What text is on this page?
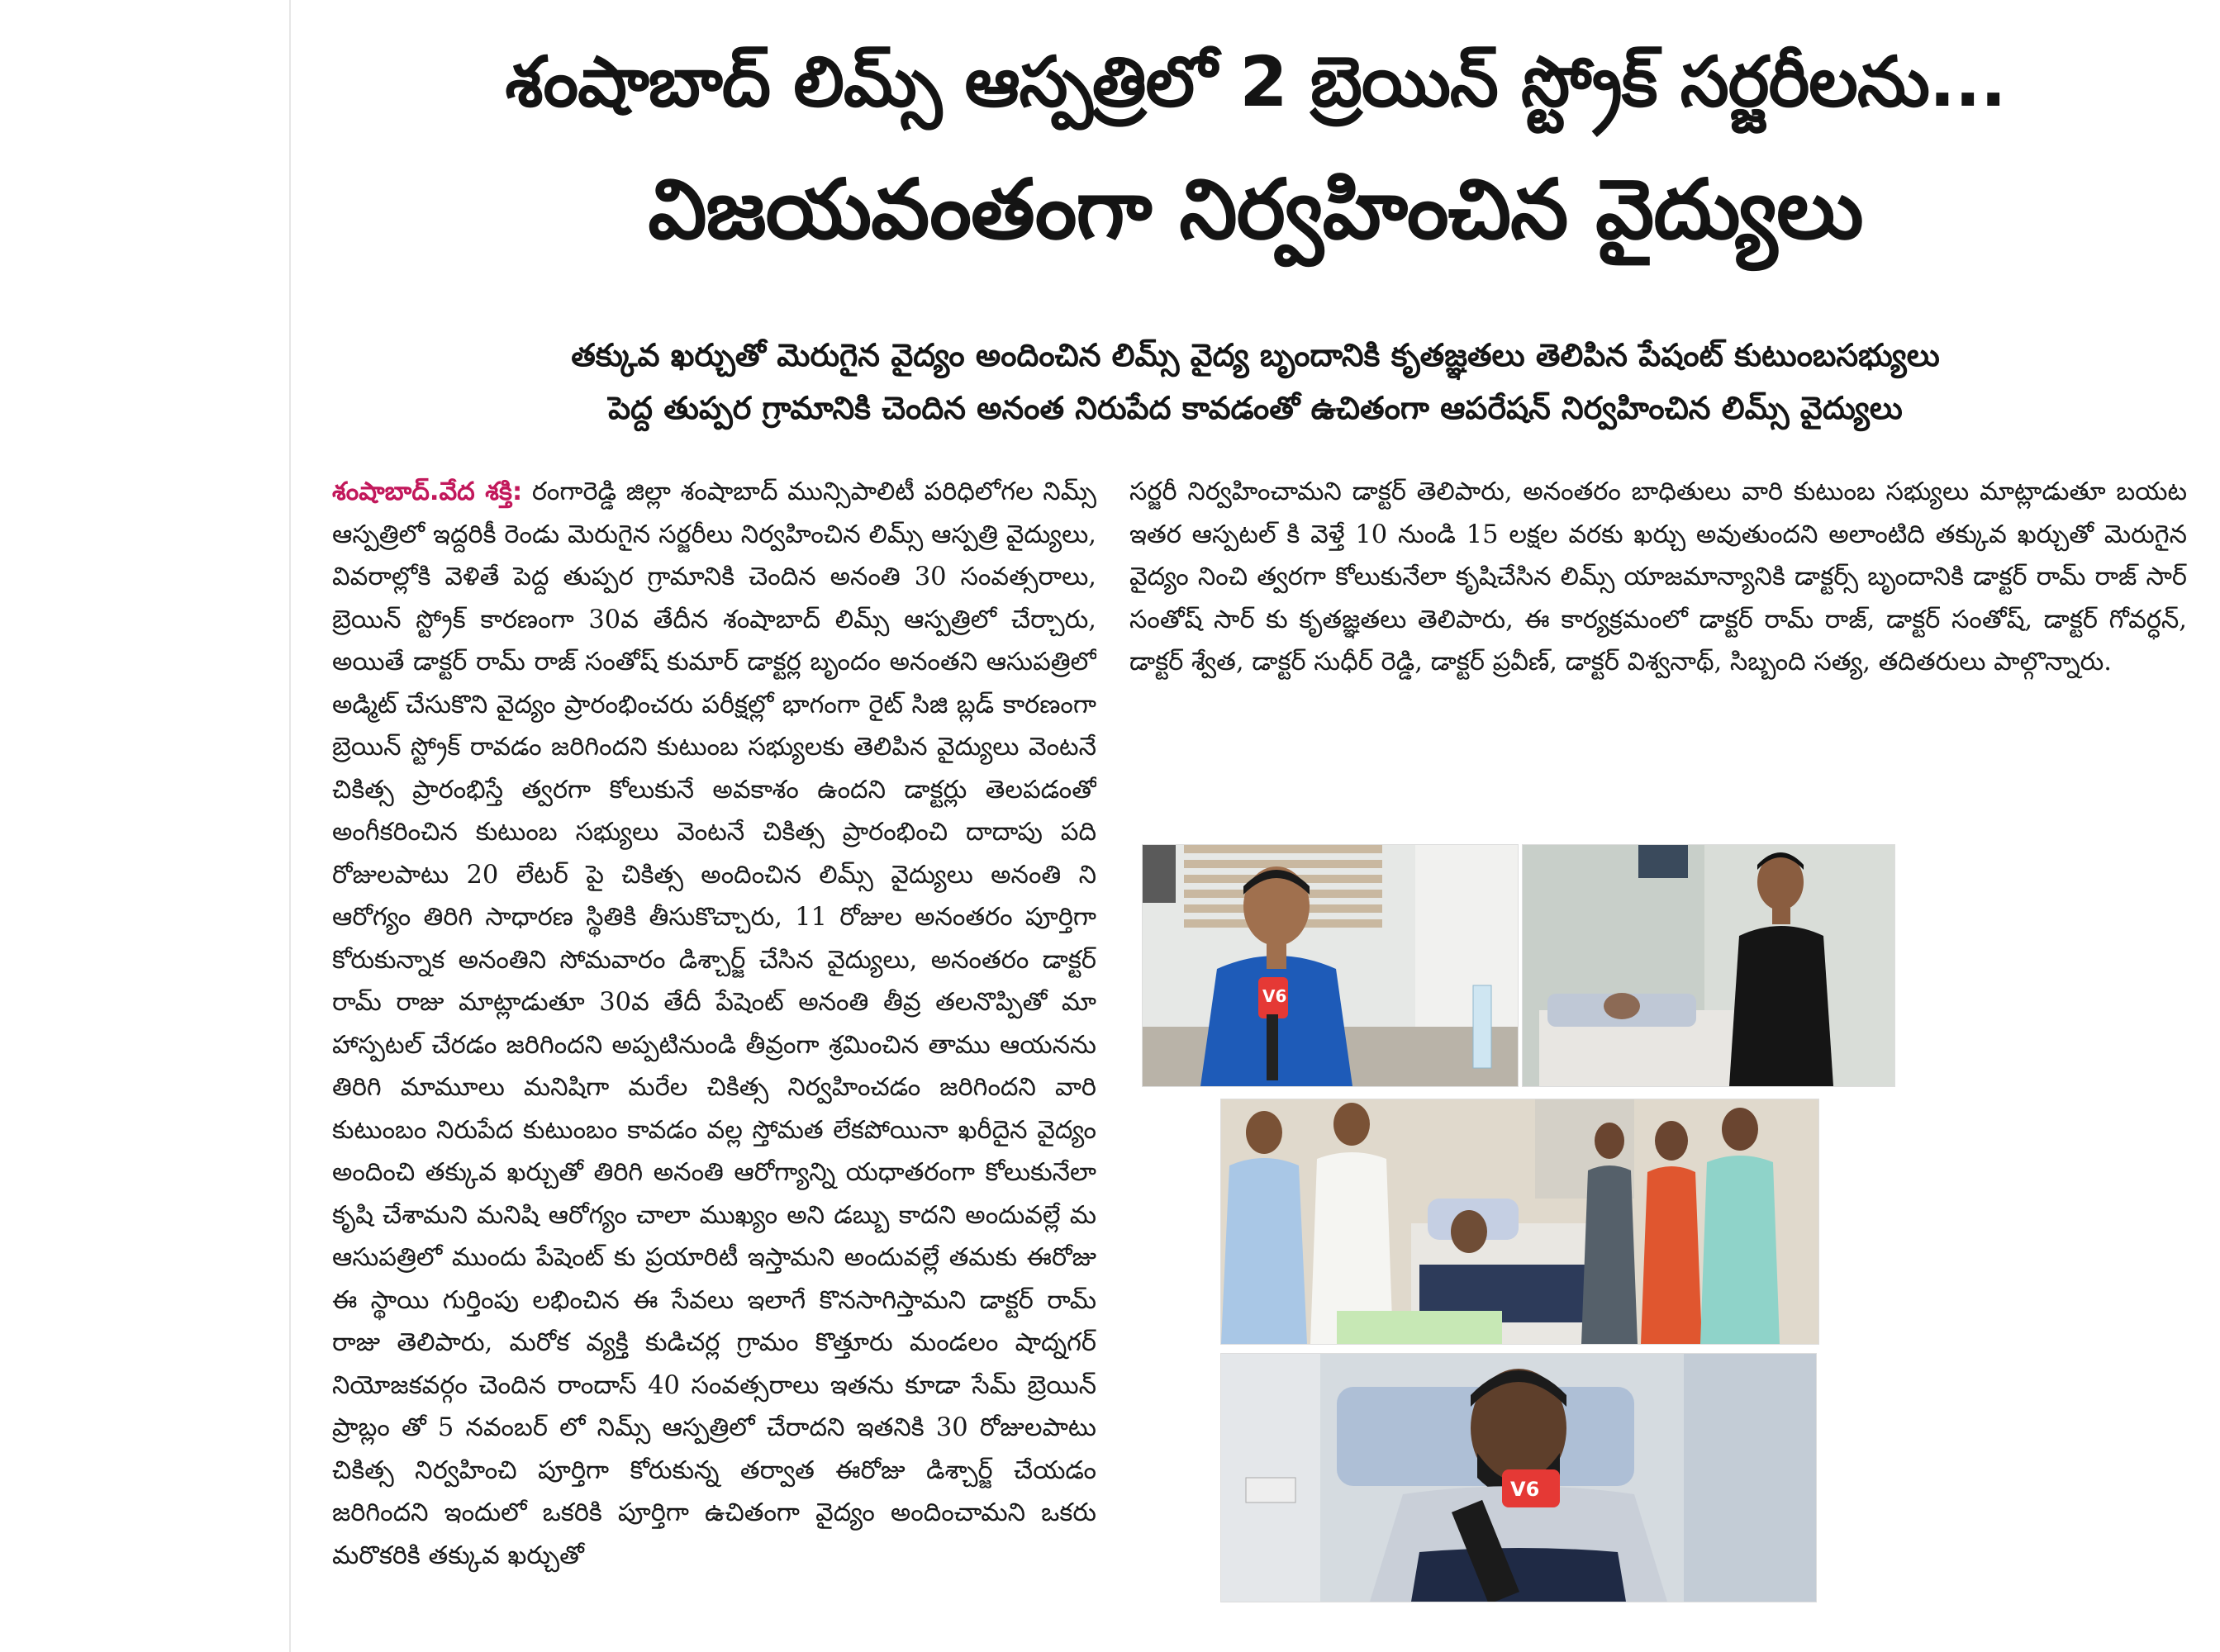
శంషాబాద్ లిమ్స్ ఆస్పత్రిలో 2 బ్రెయిన్ స్ట్రోక్ సర్జరీలను...
విజయవంతంగా నిర్వహించిన వైద్యులు
తక్కువ ఖర్చుతో మెరుగైన వైద్యం అందించిన లిమ్స్ వైద్య బృందానికి కృతజ్ఞతలు తెలిపిన పేషంట్ కుటుంబసభ్యులు
పెద్ద తుప్పర గ్రామానికి చెందిన అనంత నిరుపేద కావడంతో ఉచితంగా ఆపరేషన్ నిర్వహించిన లిమ్స్ వైద్యులు
శంషాబాద్.వేద శక్తి: రంగారెడ్డి జిల్లా శంషాబాద్ మున్సిపాలిటీ పరిధిలోగల నిమ్స్ ఆస్పత్రిలో ఇద్దరికీ రెండు మెరుగైన సర్జరీలు నిర్వహించిన లిమ్స్ ఆస్పత్రి వైద్యులు, వివరాల్లోకి వెళితే పెద్ద తుప్పర గ్రామానికి చెందిన అనంతి 30 సంవత్సరాలు, బ్రెయిన్ స్ట్రోక్ కారణంగా 30వ తేదీన శంషాబాద్ లిమ్స్ ఆస్పత్రిలో చేర్చారు, అయితే డాక్టర్ రామ్ రాజ్ సంతోష్ కుమార్ డాక్టర్ల బృందం అనంతని ఆసుపత్రిలో అడ్మిట్ చేసుకొని వైద్యం ప్రారంభించరు పరీక్షల్లో భాగంగా రైట్ సిజి బ్లడ్ కారణంగా బ్రెయిన్ స్ట్రోక్ రావడం జరిగిందని కుటుంబ సభ్యులకు తెలిపిన వైద్యులు వెంటనే చికిత్స ప్రారంభిస్తే త్వరగా కోలుకునే అవకాశం ఉందని డాక్టర్లు తెలపడంతో అంగీకరించిన కుటుంబ సభ్యులు వెంటనే చికిత్స ప్రారంభించి దాదాపు పది రోజులపాటు 20 లేటర్ పై చికిత్స అందించిన లిమ్స్ వైద్యులు అనంతి ని ఆరోగ్యం తిరిగి సాధారణ స్థితికి తీసుకొచ్చారు, 11 రోజుల అనంతరం పూర్తిగా కోరుకున్నాక అనంతిని సోమవారం డిశ్చార్జ్ చేసిన వైద్యులు, అనంతరం డాక్టర్ రామ్ రాజు మాట్లాడుతూ 30వ తేదీ పేషెంట్ అనంతి తీవ్ర తలనొప్పితో మా హాస్పటల్ చేరడం జరిగిందని అప్పటినుండి తీవ్రంగా శ్రమించిన తాము ఆయనను తిరిగి మామూలు మనిషిగా మరేల చికిత్స నిర్వహించడం జరిగిందని వారి కుటుంబం నిరుపేద కుటుంబం కావడం వల్ల స్తోమత లేకపోయినా ఖరీదైన వైద్యం అందించి తక్కువ ఖర్చుతో తిరిగి అనంతి ఆరోగ్యాన్ని యధాతరంగా కోలుకునేలా కృషి చేశామని మనిషి ఆరోగ్యం చాలా ముఖ్యం అని డబ్బు కాదని అందువల్లే మ ఆసుపత్రిలో ముందు పేషెంట్ కు ప్రయారిటీ ఇస్తామని అందువల్లే తమకు ఈరోజు ఈ స్థాయి గుర్తింపు లభించిన ఈ సేవలు ఇలాగే కొనసాగిస్తామని డాక్టర్ రామ్ రాజు తెలిపారు, మరోక వ్యక్తి కుడిచర్ల గ్రామం కొత్తూరు మండలం షాద్నగర్ నియోజకవర్గం చెందిన రాందాస్ 40 సంవత్సరాలు ఇతను కూడా సేమ్ బ్రెయిన్ ప్రాబ్లం తో 5 నవంబర్ లో నిమ్స్ ఆస్పత్రిలో చేరాదని ఇతనికి 30 రోజులపాటు చికిత్స నిర్వహించి పూర్తిగా కోరుకున్న తర్వాత ఈరోజు డిశ్చార్జ్ చేయడం జరిగిందని ఇందులో ఒకరికి పూర్తిగా ఉచితంగా వైద్యం అందించామని ఒకరు మరొకరికి తక్కువ ఖర్చుతో
సర్జరీ నిర్వహించామని డాక్టర్ తెలిపారు, అనంతరం బాధితులు వారి కుటుంబ సభ్యులు మాట్లాడుతూ బయట ఇతర ఆస్పటల్ కి వెళ్తే 10 నుండి 15 లక్షల వరకు ఖర్చు అవుతుందని అలాంటిది తక్కువ ఖర్చుతో మెరుగైన వైద్యం నించి త్వరగా కోలుకునేలా కృషిచేసిన లిమ్స్ యాజమాన్యానికి డాక్టర్స్ బృందానికి డాక్టర్ రామ్ రాజ్ సార్ సంతోష్ సార్ కు కృతజ్ఞతలు తెలిపారు, ఈ కార్యక్రమంలో డాక్టర్ రామ్ రాజ్, డాక్టర్ సంతోష్, డాక్టర్ గోవర్ధన్, డాక్టర్ శ్వేత, డాక్టర్ సుధీర్ రెడ్డి, డాక్టర్ ప్రవీణ్, డాక్టర్ విశ్వనాథ్, సిబ్బంది సత్య, తదితరులు పాల్గొన్నారు.
V6
V6
